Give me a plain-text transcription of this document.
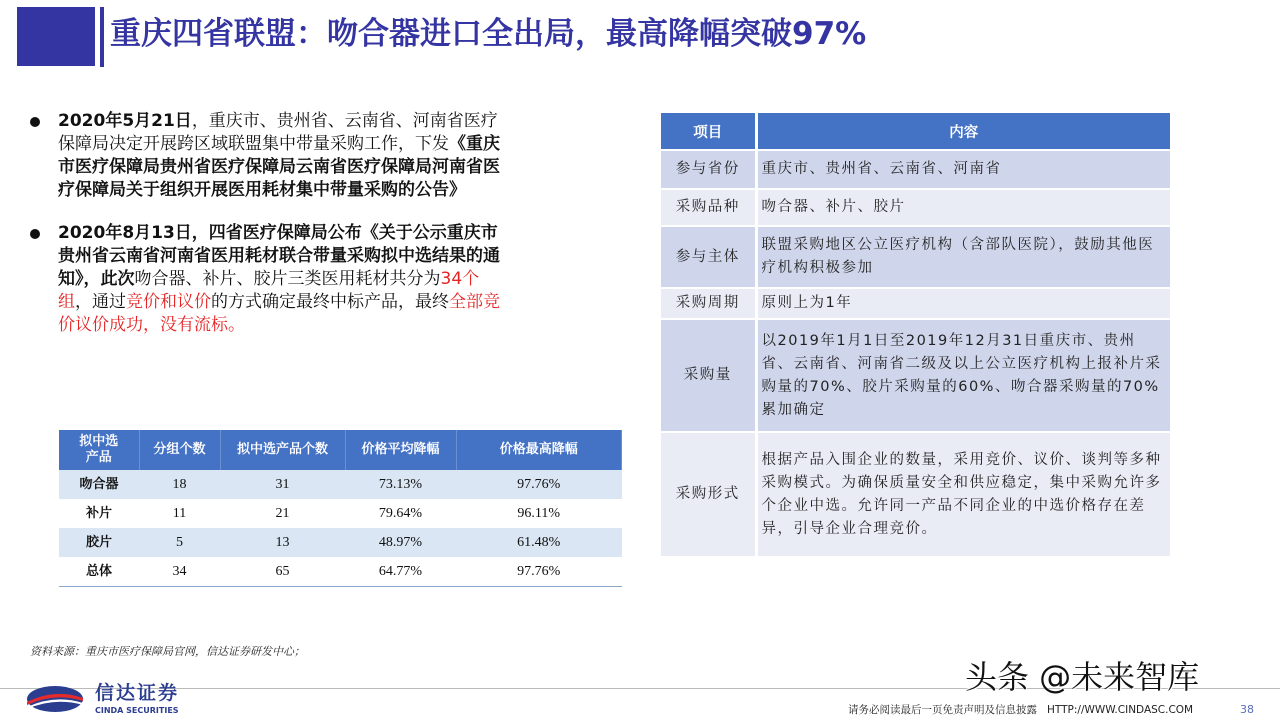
重庆四省联盟：吻合器进口全出局，最高降幅突破97%
2020年5月21日，重庆市、贵州省、云南省、河南省医疗保障局决定开展跨区域联盟集中带量采购工作，下发《重庆市医疗保障局贵州省医疗保障局云南省医疗保障局河南省医疗保障局关于组织开展医用耗材集中带量采购的公告》
2020年8月13日，四省医疗保障局公布《关于公示重庆市贵州省云南省河南省医用耗材联合带量采购拟中选结果的通知》，此次吻合器、补片、胶片三类医用耗材共分为34个组，通过竞价和议价的方式确定最终中标产品，最终全部竞价议价成功，没有流标。
拟中选产品	分组个数	拟中选产品个数	价格平均降幅	价格最高降幅
吻合器	18	31	73.13%	97.76%
补片	11	21	79.64%	96.11%
胶片	5	13	48.97%	61.48%
总体	34	65	64.77%	97.76%
项目	内容
参与省份	重庆市、贵州省、云南省、河南省
采购品种	吻合器、补片、胶片
参与主体	联盟采购地区公立医疗机构（含部队医院），鼓励其他医疗机构积极参加
采购周期	原则上为1年
采购量	以2019年1月1日至2019年12月31日重庆市、贵州省、云南省、河南省二级及以上公立医疗机构上报补片采购量的70%、胶片采购量的60%、吻合器采购量的70%累加确定
采购形式	根据产品入围企业的数量，采用竞价、议价、谈判等多种采购模式。为确保质量安全和供应稳定，集中采购允许多个企业中选。允许同一产品不同企业的中选价格存在差异，引导企业合理竞价。
资料来源：重庆市医疗保障局官网，信达证券研发中心；
信达证券
CINDA SECURITIES
头条 @未来智库
请务必阅读最后一页免责声明及信息披露 HTTP://WWW.CINDASC.COM	38
